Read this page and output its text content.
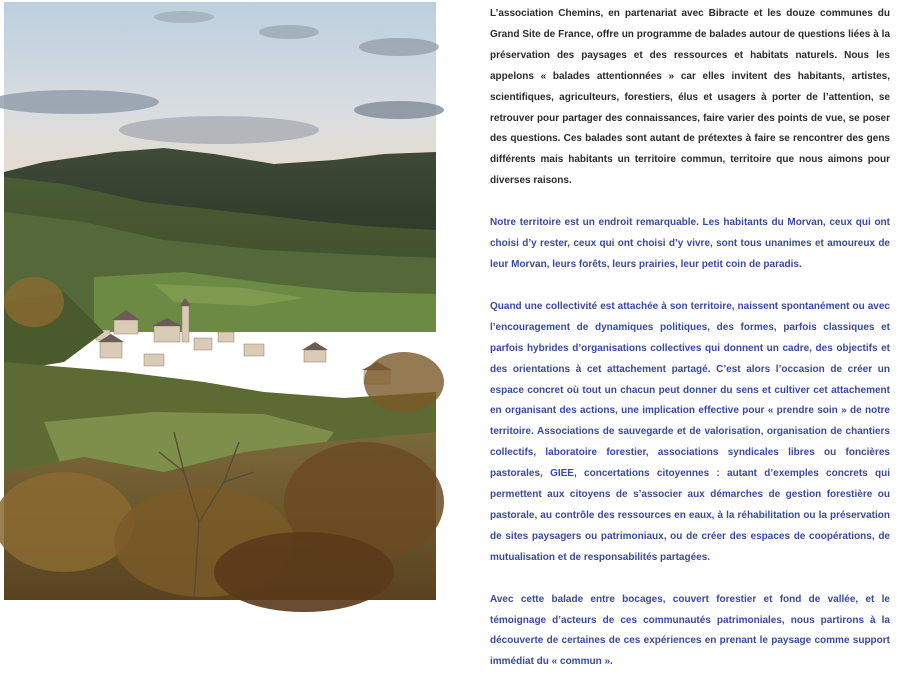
L’association Chemins, en partenariat avec Bibracte et les douze communes du Grand Site de France, offre un programme de balades autour de questions liées à la préservation des paysages et des ressources et habitats naturels. Nous les appelons « balades attentionnées » car elles invitent des habitants, artistes, scientifiques, agriculteurs, forestiers, élus et usagers à porter de l’attention, se retrouver pour partager des connaissances, faire varier des points de vue, se poser des questions. Ces balades sont autant de prétextes à faire se rencontrer des gens différents mais habitants un territoire commun, territoire que nous aimons pour diverses raisons.

Notre territoire est un endroit remarquable. Les habitants du Morvan, ceux qui ont choisi d’y rester, ceux qui ont choisi d’y vivre, sont tous unanimes et amoureux de leur Morvan, leurs forêts, leurs prairies, leur petit coin de paradis.

Quand une collectivité est attachée à son territoire, naissent spontanément ou avec l’encouragement de dynamiques politiques, des formes, parfois classiques et parfois hybrides d’organisations collectives qui donnent un cadre, des objectifs et des orientations à cet attachement partagé. C’est alors l’occasion de créer un espace concret où tout un chacun peut donner du sens et cultiver cet attachement en organisant des actions, une implication effective pour « prendre soin » de notre territoire. Associations de sauvegarde et de valorisation, organisation de chantiers collectifs, laboratoire forestier, associations syndicales libres ou foncières pastorales, GIEE, concertations citoyennes : autant d’exemples concrets qui permettent aux citoyens de s’associer aux démarches de gestion forestière ou pastorale, au contrôle des ressources en eaux, à la réhabilitation ou la préservation de sites paysagers ou patrimoniaux, ou de créer des espaces de coopérations, de mutualisation et de responsabilités partagées.

Avec cette balade entre bocages, couvert forestier et fond de vallée, et le témoignage d’acteurs de ces communautés patrimoniales, nous partirons à la découverte de certaines de ces expériences en prenant le paysage comme support immédiat du « commun ».
